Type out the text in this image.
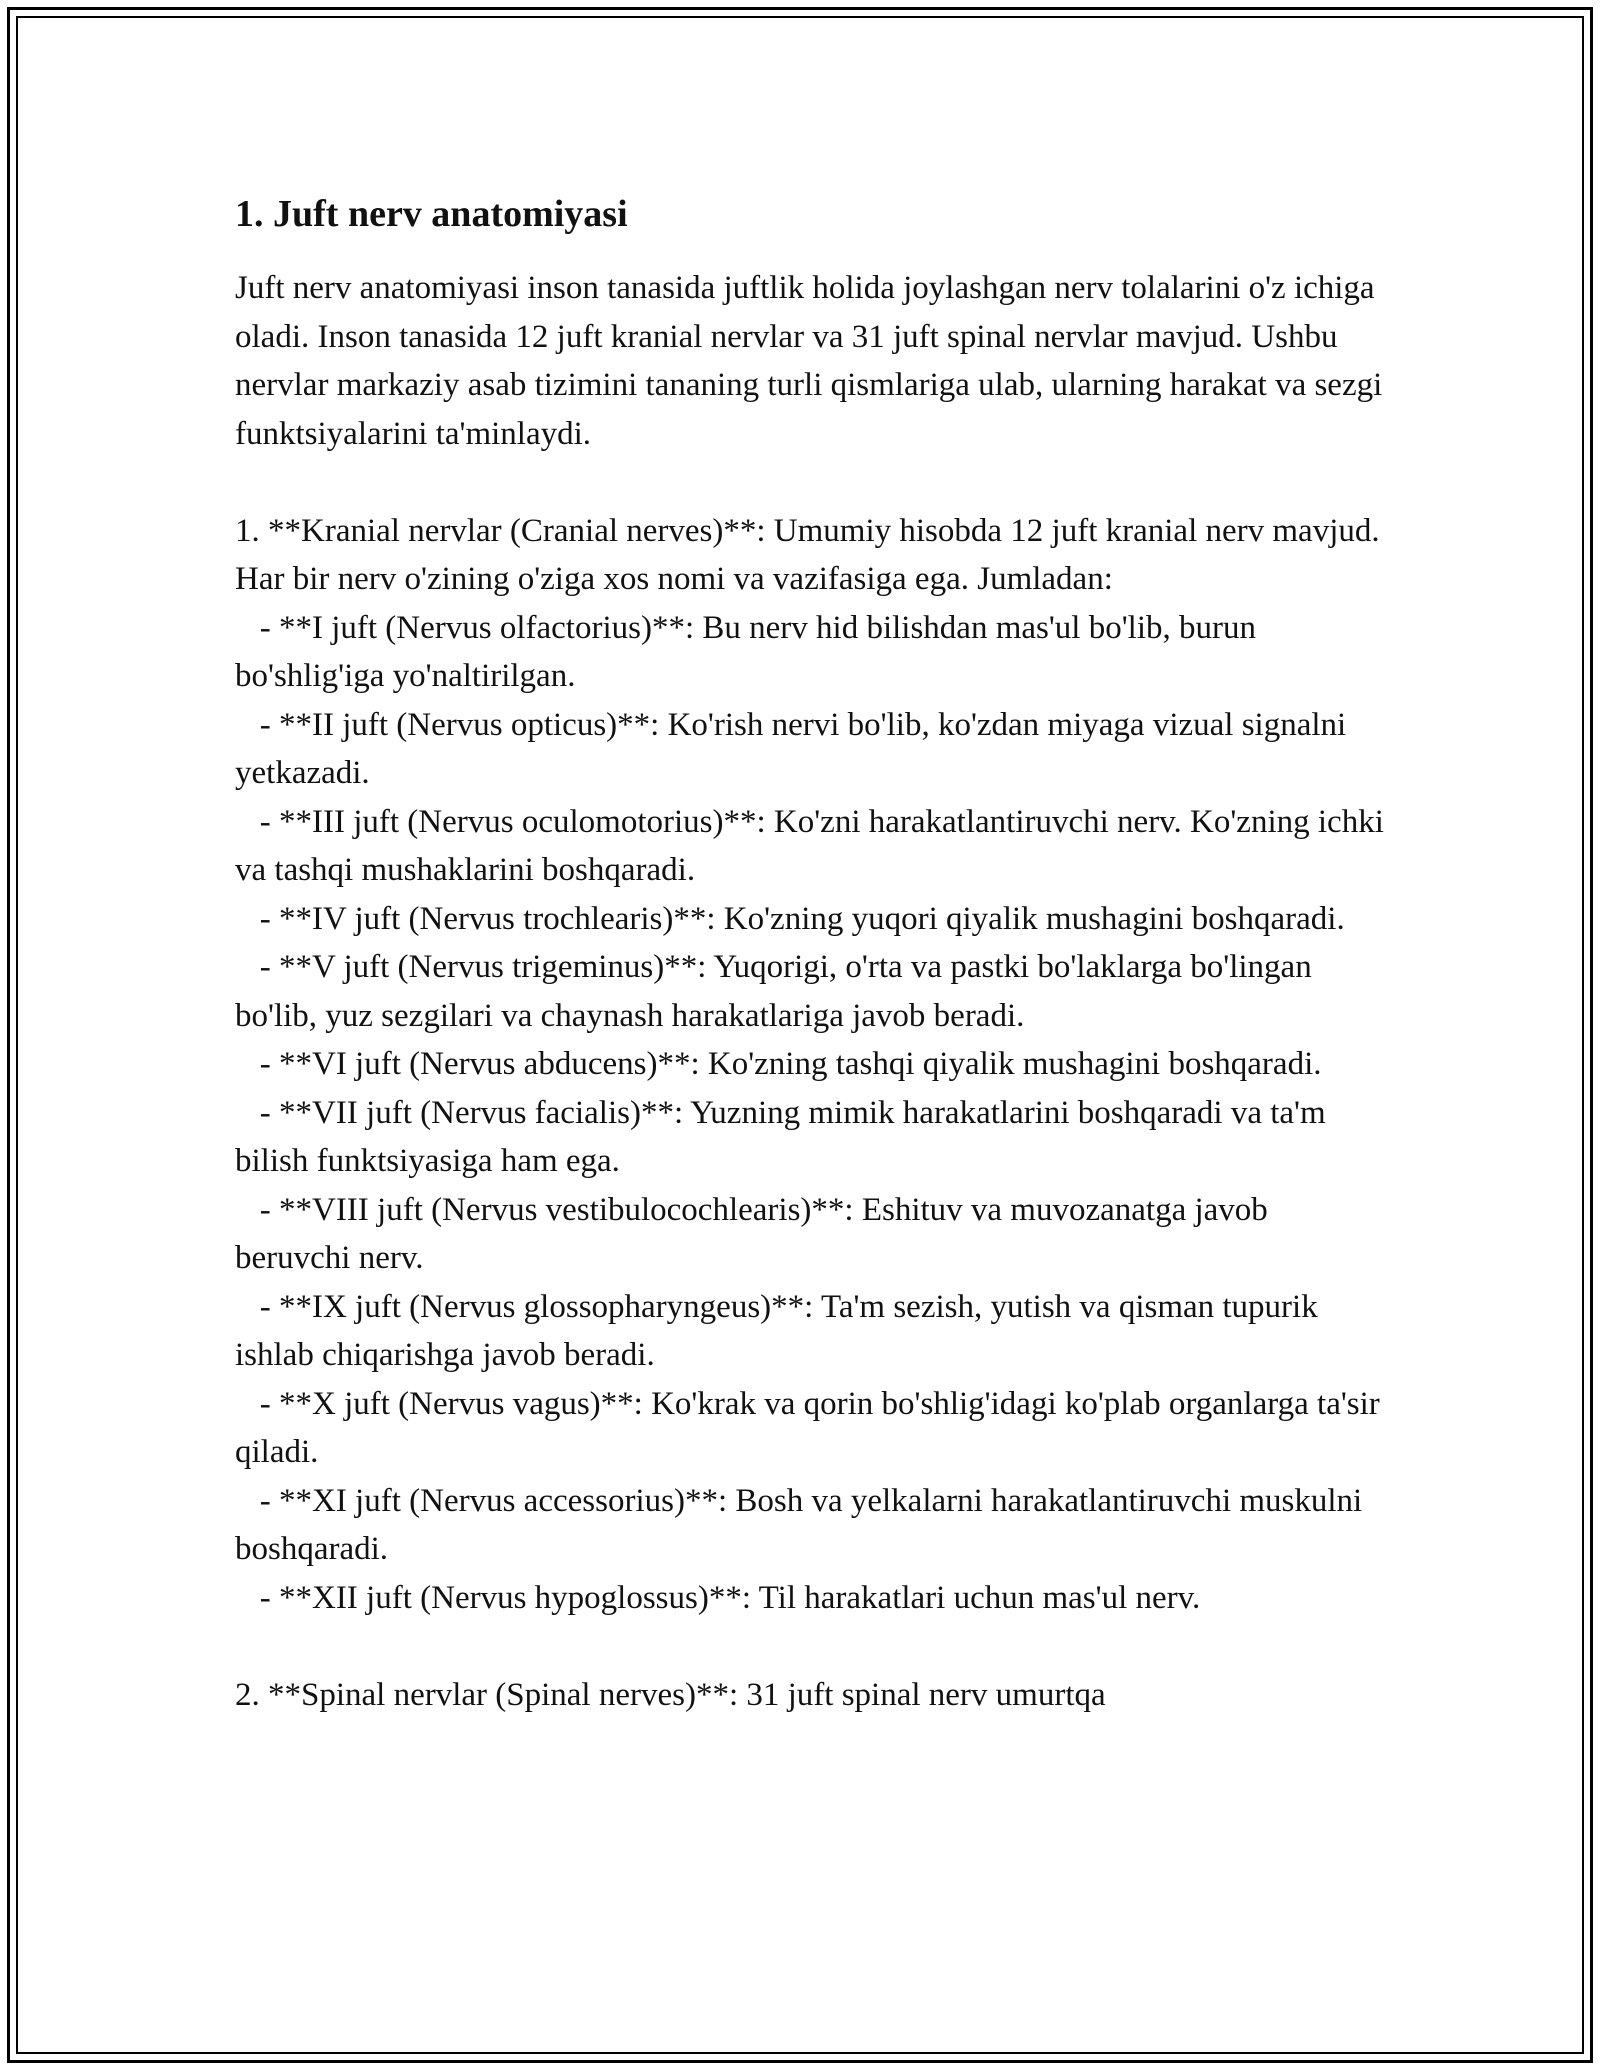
1. Juft nerv anatomiyasi

Juft nerv anatomiyasi inson tanasida juftlik holida joylashgan nerv tolalarini o'z ichiga oladi. Inson tanasida 12 juft kranial nervlar va 31 juft spinal nervlar mavjud. Ushbu nervlar markaziy asab tizimini tananing turli qismlariga ulab, ularning harakat va sezgi funktsiyalarini ta'minlaydi.

1. **Kranial nervlar (Cranial nerves)**: Umumiy hisobda 12 juft kranial nerv mavjud. Har bir nerv o'zining o'ziga xos nomi va vazifasiga ega. Jumladan:

- **I juft (Nervus olfactorius)**: Bu nerv hid bilishdan mas'ul bo'lib, burun bo'shlig'iga yo'naltirilgan.

- **II juft (Nervus opticus)**: Ko'rish nervi bo'lib, ko'zdan miyaga vizual signalni yetkazadi.

- **III juft (Nervus oculomotorius)**: Ko'zni harakatlantiruvchi nerv. Ko'zning ichki va tashqi mushaklarini boshqaradi.

- **IV juft (Nervus trochlearis)**: Ko'zning yuqori qiyalik mushagini boshqaradi.

- **V juft (Nervus trigeminus)**: Yuqorigi, o'rta va pastki bo'laklarga bo'lingan bo'lib, yuz sezgilari va chaynash harakatlariga javob beradi.

- **VI juft (Nervus abducens)**: Ko'zning tashqi qiyalik mushagini boshqaradi.

- **VII juft (Nervus facialis)**: Yuzning mimik harakatlarini boshqaradi va ta'm bilish funktsiyasiga ham ega.

- **VIII juft (Nervus vestibulocochlearis)**: Eshituv va muvozanatga javob beruvchi nerv.

- **IX juft (Nervus glossopharyngeus)**: Ta'm sezish, yutish va qisman tupurik ishlab chiqarishga javob beradi.

- **X juft (Nervus vagus)**: Ko'krak va qorin bo'shlig'idagi ko'plab organlarga ta'sir qiladi.

- **XI juft (Nervus accessorius)**: Bosh va yelkalarni harakatlantiruvchi muskulni boshqaradi.

- **XII juft (Nervus hypoglossus)**: Til harakatlari uchun mas'ul nerv.

2. **Spinal nervlar (Spinal nerves)**: 31 juft spinal nerv umurtqa
